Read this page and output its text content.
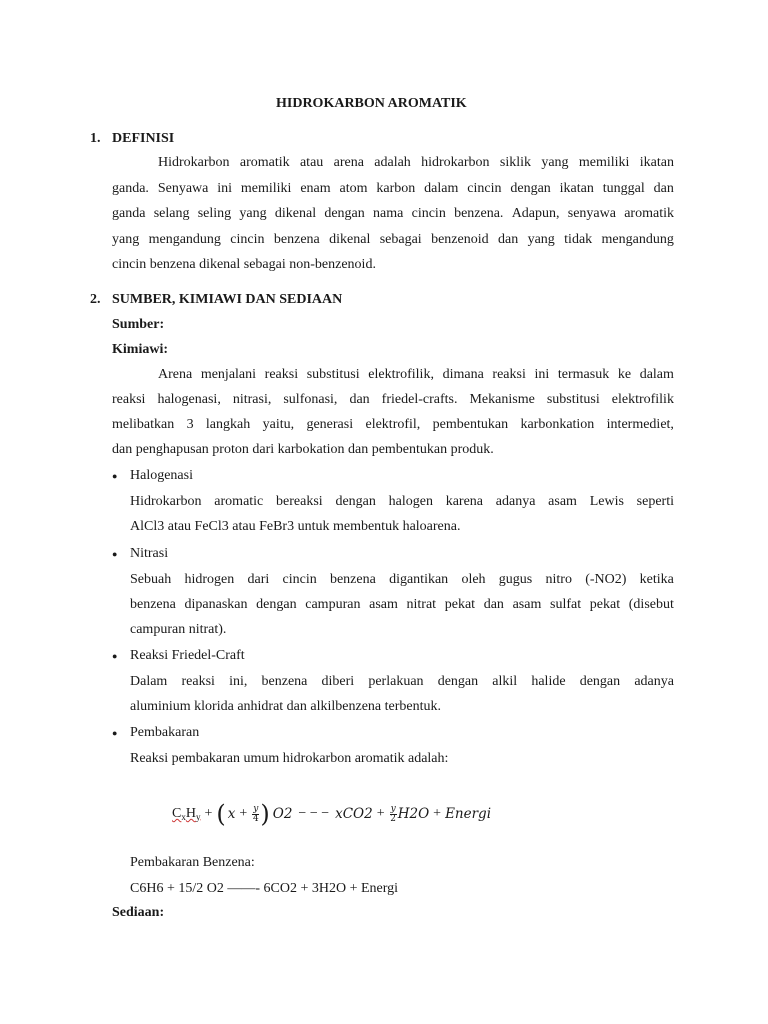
HIDROKARBON AROMATIK
1. DEFINISI
Hidrokarbon aromatik atau arena adalah hidrokarbon siklik yang memiliki ikatan
ganda. Senyawa ini memiliki enam atom karbon dalam cincin dengan ikatan tunggal dan
ganda selang seling yang dikenal dengan nama cincin benzena. Adapun, senyawa aromatik
yang mengandung cincin benzena dikenal sebagai benzenoid dan yang tidak mengandung
cincin benzena dikenal sebagai non-benzenoid.
2. SUMBER, KIMIAWI DAN SEDIAAN
Sumber:
Kimiawi:
Arena menjalani reaksi substitusi elektrofilik, dimana reaksi ini termasuk ke dalam
reaksi halogenasi, nitrasi, sulfonasi, dan friedel-crafts. Mekanisme substitusi elektrofilik
melibatkan 3 langkah yaitu, generasi elektrofil, pembentukan karbonkation intermediet,
dan penghapusan proton dari karbokation dan pembentukan produk.
● Halogenasi
Hidrokarbon aromatic bereaksi dengan halogen karena adanya asam Lewis seperti
AlCl3 atau FeCl3 atau FeBr3 untuk membentuk haloarena.
● Nitrasi
Sebuah hidrogen dari cincin benzena digantikan oleh gugus nitro (-NO2) ketika
benzena dipanaskan dengan campuran asam nitrat pekat dan asam sulfat pekat (disebut
campuran nitrat).
● Reaksi Friedel-Craft
Dalam reaksi ini, benzena diberi perlakuan dengan alkil halide dengan adanya
aluminium klorida anhidrat dan alkilbenzena terbentuk.
● Pembakaran
Reaksi pembakaran umum hidrokarbon aromatik adalah:
$C_xH_y$ + ( $x + \frac{y}{4}$ ) O2 − − − $xCO2 + \frac{y}{2} H2O$ + Energi
Pembakaran Benzena:
C6H6 + 15/2 O2 ——- 6CO2 + 3H2O + Energi
Sediaan:
